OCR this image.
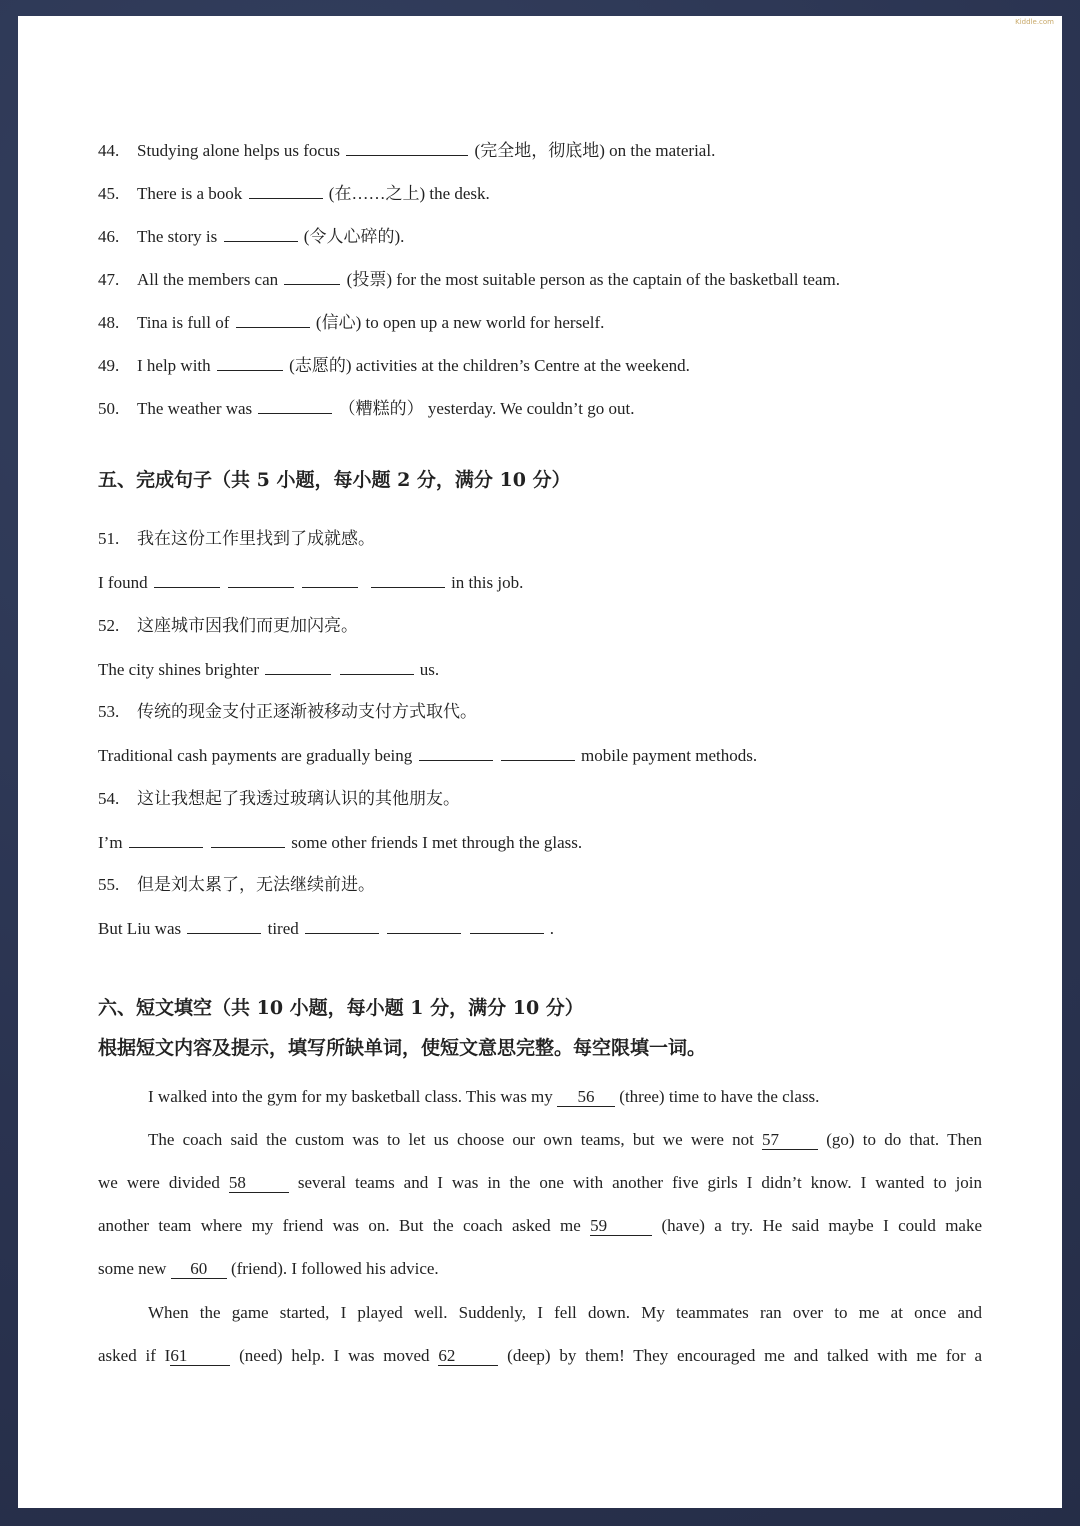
Kiddle.com
44. Studying alone helps us focus	(完全地，彻底地) on the material.
45. There is a book	(在……之上) the desk.
46. The story is	(令人心碎的).
47. All the members can	(投票) for the most suitable person as the captain of the basketball team.
48. Tina is full of	(信心) to open up a new world for herself.
49. I help with	(志愿的) activities at the children’s Centre at the weekend.
50. The weather was	（糟糕的） yesterday. We couldn’t go out.
五、完成句子（共 5 小题，每小题 2 分，满分 10 分）
51. 我在这份工作里找到了成就感。
I found	in this job.
52. 这座城市因我们而更加闪亮。
The city shines brighter	us.
53. 传统的现金支付正逐渐被移动支付方式取代。
Traditional cash payments are gradually being	mobile payment methods.
54. 这让我想起了我透过玻璃认识的其他朋友。
I’m	some other friends I met through the glass.
55. 但是刘太累了，无法继续前进。
But Liu was	tired	.
六、短文填空（共 10 小题，每小题 1 分，满分 10 分）
根据短文内容及提示，填写所缺单词，使短文意思完整。每空限填一词。
I walked into the gym for my basketball class. This was my 56 (three) time to have the class.
The coach said the custom was to let us choose our own teams, but we were not 57	(go) to do that. Then
we were divided 58	several teams and I was in the one with another five girls I didn’t know. I wanted to join
another team where my friend was on. But the coach asked me 59	(have) a try. He said maybe I could make
some new 60 (friend). I followed his advice.
When the game started, I played well. Suddenly, I fell down. My teammates ran over to me at once and
asked if I61	(need) help. I was moved 62	(deep) by them! They encouraged me and talked with me for a
